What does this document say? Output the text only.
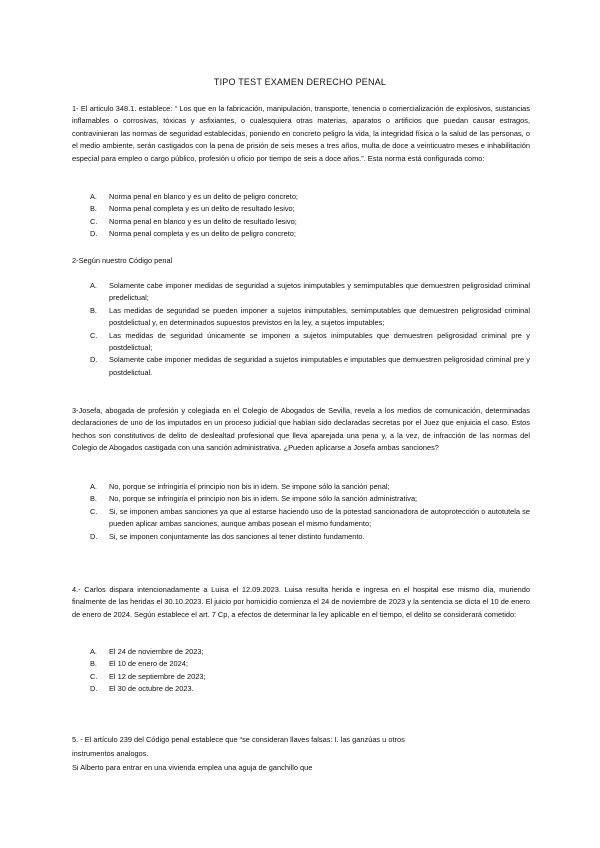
TIPO TEST EXAMEN DERECHO PENAL
1- El articulo 348.1. establece: “ Los que en la fabricación, manipulación, transporte, tenencia o comercialización de explosivos, sustancias inflamables o corrosivas, tóxicas y asfixiantes, o cualesquiera otras materias, aparatos o artificios que puedan causar estragos, contravinieran las normas de seguridad establecidas, poniendo en concreto peligro la vida, la integridad física o la salud de las personas, o el medio ambiente, serán castigados con la pena de prisión de seis meses a tres años, multa de doce a veinticuatro meses e inhabilitación especial para empleo o cargo público, profesión u oficio por tiempo de seis a doce años.”. Esta norma está configurada como:
A. Norma penal en blanco y es un delito de peligro concreto;
B. Norma penal completa y es un delito de resultado lesivo;
C. Norma penal en blanco y es un delito de resultado lesivo;
D. Norma penal completa y es un delito de peligro concreto;
2-Según nuestro Código penal
A. Solamente cabe imponer medidas de seguridad a sujetos inimputables y semimputables que demuestren peligrosidad criminal predelictual;
B. Las medidas de seguridad se pueden imponer a sujetos inimputables, semimputables que demuestren peligrosidad criminal postdelictual y, en determinados supuestos previstos en la ley, a sujetos imputables;
C. Las medidas de seguridad únicamente se imponen a sujetos inimputables que demuestren peligrosidad criminal pre y postdelictual;
D. Solamente cabe imponer medidas de seguridad a sujetos inimputables e imputables que demuestren peligrosidad criminal pre y postdelictual.
3-Josefa, abogada de profesión y colegiada en el Colegio de Abogados de Sevilla, revela a los medios de comunicación, determinadas declaraciones de uno de los imputados en un proceso judicial que habían sido declaradas secretas por el Juez que enjuicia el caso. Estos hechos son constitutivos de delito de deslealtad profesional que lleva aparejada una pena y, a la vez, de infracción de las normas del Colegio de Abogados castigada con una sanción administrativa. ¿Pueden aplicarse a Josefa ambas sanciones?
A. No, porque se infringiría el principio non bis in idem. Se impone sólo la sanción penal;
B. No, porque se infringiría el principio non bis in idem. Se impone sólo la sanción administrativa;
C. Si, se imponen ambas sanciones ya que al estarse haciendo uso de la potestad sancionadora de autoprotección o autotutela se pueden aplicar ambas sanciones, aunque ambas posean el mismo fundamento;
D. Si, se imponen conjuntamente las dos sanciones al tener distinto fundamento.
4.- Carlos dispara intencionadamente a Luisa el 12.09.2023. Luisa resulta herida e ingresa en el hospital ese mismo día, muriendo finalmente de las heridas el 30.10.2023. El juicio por homicidio comienza el 24 de noviembre de 2023 y la sentencia se dicta el 10 de enero de enero de 2024. Según establece el art. 7 Cp, a efectos de determinar la ley aplicable en el tiempo, el delito se considerará cometido:
A. El 24 de noviembre de 2023;
B. El 10 de enero de 2024;
C. El 12 de septiembre de 2023;
D. El 30 de octubre de 2023.
5. - El artículo 239 del Código penal establece que “se consideran llaves falsas: I. las ganzúas u otros
instrumentos analogos.
Si Alberto para entrar en una vivienda emplea una aguja de ganchillo que
